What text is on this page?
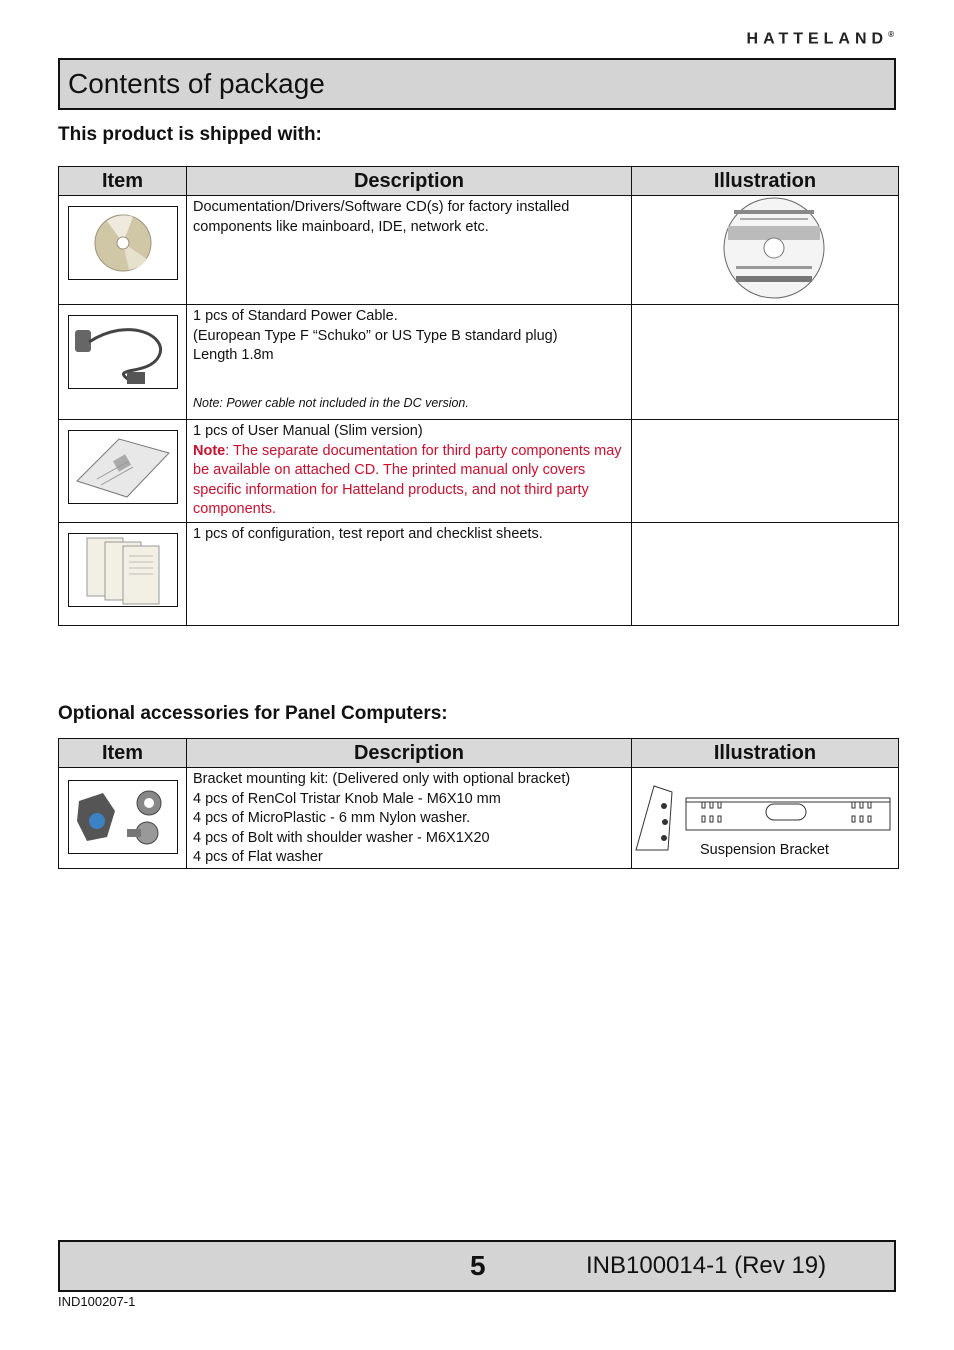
HATTELAND®
Contents of package
This product is shipped with:
Item	Description	Illustration

Documentation/Drivers/Software CD(s) for factory installed components like mainboard, IDE, network etc.

1 pcs of Standard Power Cable.
(European Type F “Schuko” or US Type B standard plug)
Length 1.8m
Note: Power cable not included in the DC version.	

1 pcs of User Manual (Slim version)
Note: The separate documentation for third party components may be available on attached CD. The printed manual only covers specific information for Hatteland products, and not third party components.	

1 pcs of configuration, test report and checklist sheets.	

Optional accessories for Panel Computers:
Item	Description	Illustration

Bracket mounting kit: (Delivered only with optional bracket)
4 pcs of RenCol Tristar Knob Male - M6X10 mm
4 pcs of MicroPlastic - 6 mm Nylon washer.
4 pcs of Bolt with shoulder washer - M6X1X20
4 pcs of Flat washer	Suspension Bracket
5	INB100014-1 (Rev 19)
IND100207-1
